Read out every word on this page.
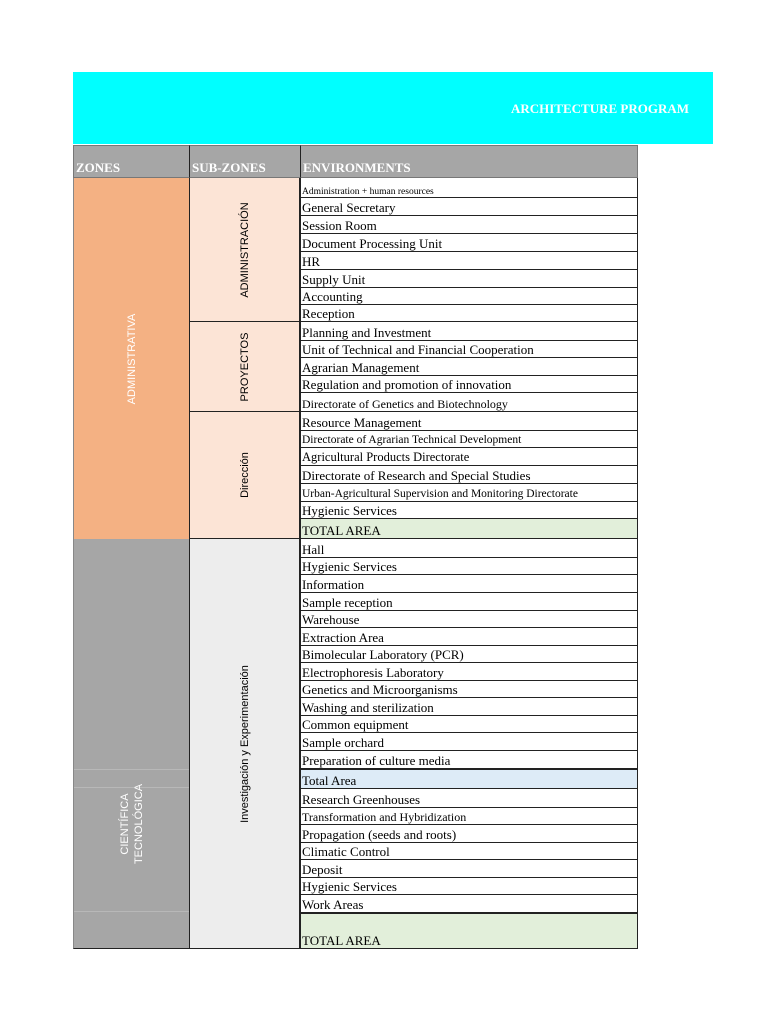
ARCHITECTURE PROGRAM
ZONES	SUB-ZONES	ENVIRONMENTS
ADMINISTRATIVA
CIENTÍFICA TECNOLÓGICA
ADMINISTRACIÓN
PROYECTOS
Dirección
Investigación y Experimentación
Administration + human resources
General Secretary
Session Room
Document Processing Unit
HR
Supply Unit
Accounting
Reception
Planning and Investment
Unit of Technical and Financial Cooperation
Agrarian Management
Regulation and promotion of innovation
Directorate of Genetics and Biotechnology
Resource Management
Directorate of Agrarian Technical Development
Agricultural Products Directorate
Directorate of Research and Special Studies
Urban-Agricultural Supervision and Monitoring Directorate
Hygienic Services
TOTAL AREA
Hall
Hygienic Services
Information
Sample reception
Warehouse
Extraction Area
Bimolecular Laboratory (PCR)
Electrophoresis Laboratory
Genetics and Microorganisms
Washing and sterilization
Common equipment
Sample orchard
Preparation of culture media
Total Area
Research Greenhouses
Transformation and Hybridization
Propagation (seeds and roots)
Climatic Control
Deposit
Hygienic Services
Work Areas
TOTAL AREA
